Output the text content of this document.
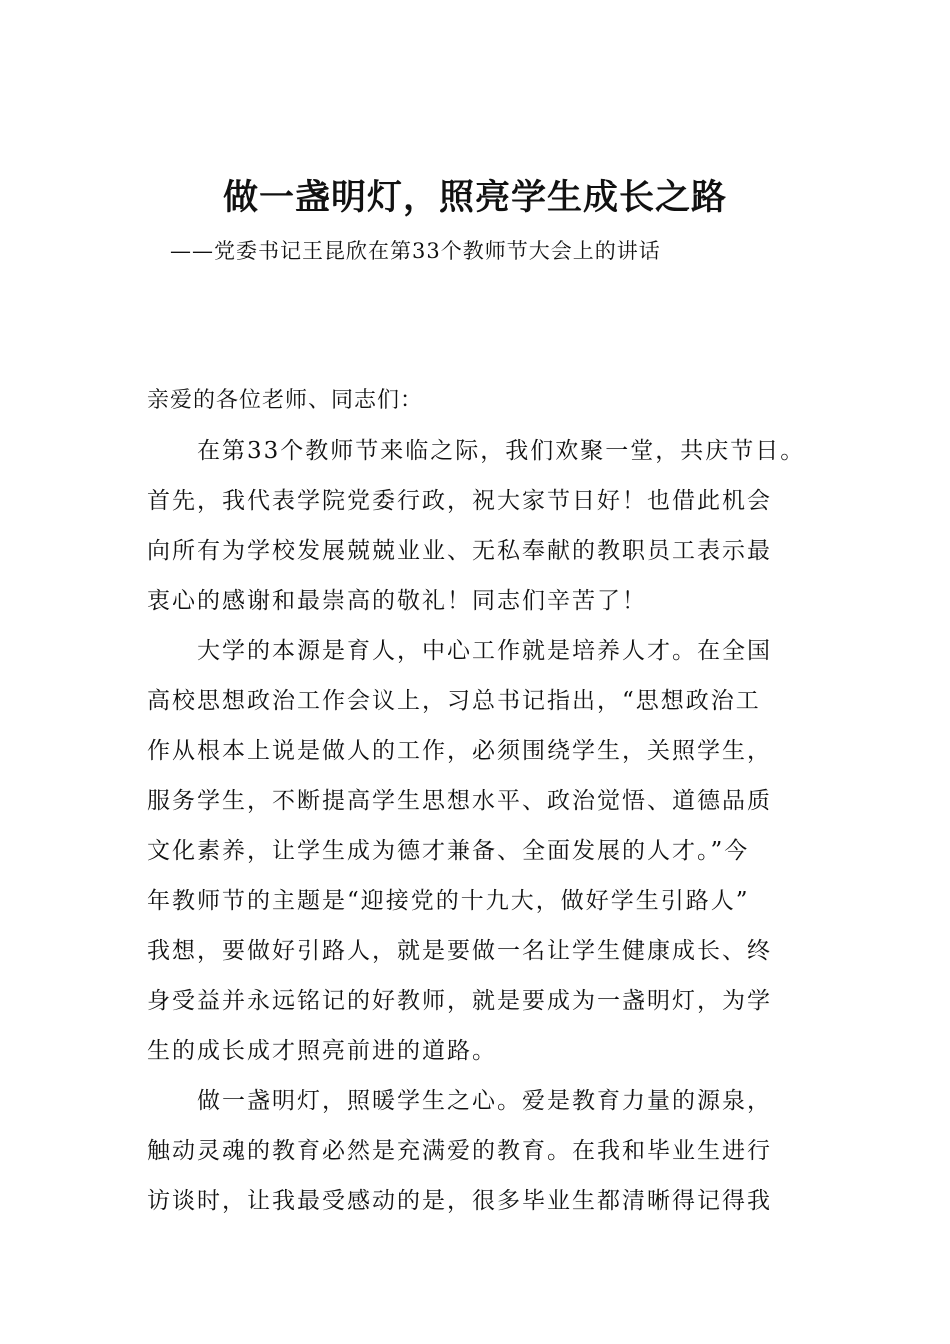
做一盏明灯，照亮学生成长之路
——党委书记王昆欣在第33个教师节大会上的讲话
亲爱的各位老师、同志们：
在第33个教师节来临之际，我们欢聚一堂，共庆节日。
首先，我代表学院党委行政，祝大家节日好！也借此机会
向所有为学校发展兢兢业业、无私奉献的教职员工表示最
衷心的感谢和最崇高的敬礼！同志们辛苦了！
大学的本源是育人，中心工作就是培养人才。在全国
高校思想政治工作会议上，习总书记指出，“思想政治工
作从根本上说是做人的工作，必须围绕学生，关照学生，
服务学生，不断提高学生思想水平、政治觉悟、道德品质
文化素养，让学生成为德才兼备、全面发展的人才。”今
年教师节的主题是“迎接党的十九大，做好学生引路人”
我想，要做好引路人，就是要做一名让学生健康成长、终
身受益并永远铭记的好教师，就是要成为一盏明灯，为学
生的成长成才照亮前进的道路。
做一盏明灯，照暖学生之心。爱是教育力量的源泉，
触动灵魂的教育必然是充满爱的教育。在我和毕业生进行
访谈时，让我最受感动的是，很多毕业生都清晰得记得我
